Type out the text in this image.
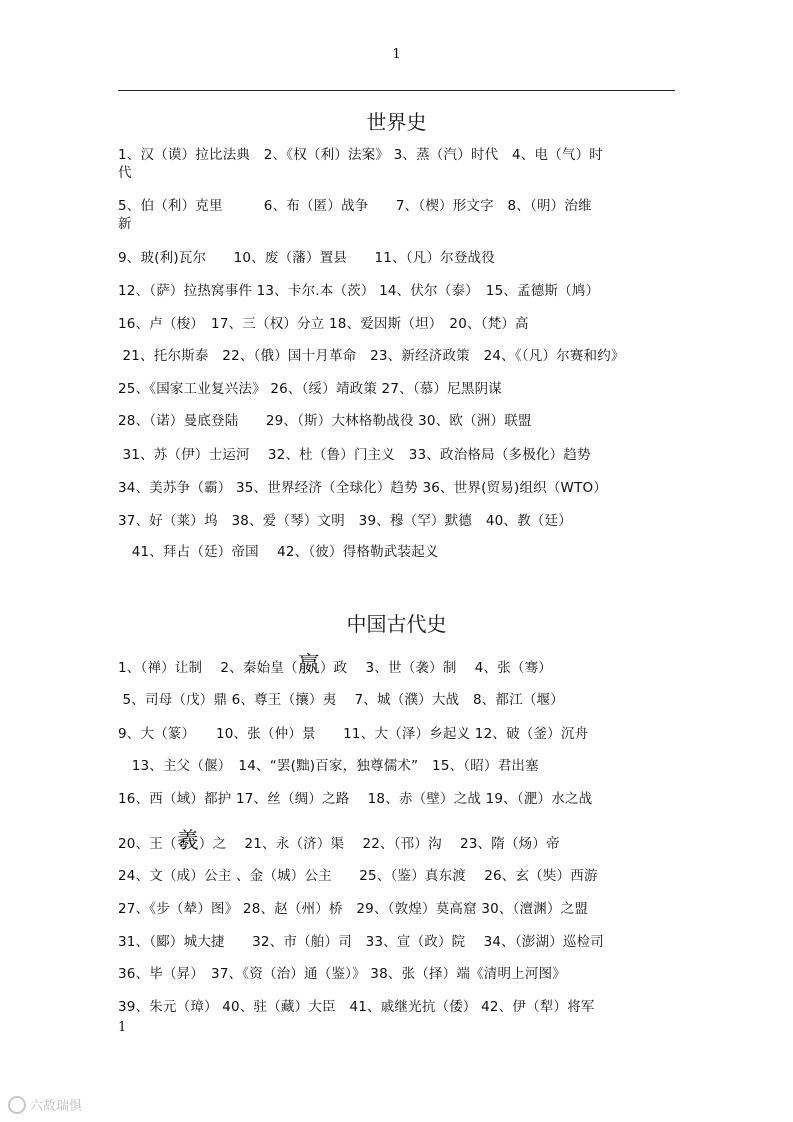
1
世界史
1、汉（谟）拉比法典　2、《权（利）法案》 3、蒸（汽）时代　4、电（气）时
代
5、伯（利）克里　　　6、布（匿）战争　　7、（楔）形文字　8、（明）治维
新
9、玻(利)瓦尔　　10、废（藩）置县　　11、（凡）尔登战役
12、（萨）拉热窝事件 13、卡尔.本（茨） 14、伏尔（泰）　15、孟德斯（鸠）
16、卢（梭）　17、三（权）分立 18、爱因斯（坦）　20、（梵）高
21、托尔斯泰　22、（俄）国十月革命　23、新经济政策　24、《（凡）尔赛和约》
25、《国家工业复兴法》 26、（绥）靖政策 27、（慕）尼黑阴谋
28、（诺）曼底登陆　　29、（斯）大林格勒战役 30、欧（洲）联盟
31、苏（伊）士运河　 32、杜（鲁）门主义　33、政治格局（多极化）趋势
34、美苏争（霸） 35、世界经济（全球化）趋势 36、世界(贸易)组织（WTO）
37、好（莱）坞　38、爱（琴）文明　39、穆（罕）默德　40、教（廷）
　41、拜占（廷）帝国　 42、（彼）得格勒武装起义
中国古代史
1、（禅）让制　 2、秦始皇（嬴）政　 3、世（袭）制　 4、张（骞）
5、司母（戊）鼎 6、尊王（攘）夷　 7、城（濮）大战　8、都江（堰）
9、大（篆）　　10、张（仲）景　　11、大（泽）乡起义 12、破（釜）沉舟
　13、主父（偃）　14、“罢(黜)百家，独尊儒术”　15、（昭）君出塞
16、西（域）都护 17、丝（绸）之路　 18、赤（壁）之战 19、（淝）水之战
20、王（羲）之　 21、永（济）渠　 22、（邗）沟　 23、隋（炀）帝
24、文（成）公主 、金（城）公主　　25、（鉴）真东渡　 26、玄（奘）西游
27、《步（辇）图》 28、赵（州）桥　29、（敦煌）莫高窟 30、（澶渊）之盟
31、（郾）城大捷　　32、市（舶）司　33、宣（政）院　 34、（澎湖）巡检司
36、毕（昇）　37、《资（治）通（鉴）》 38、张（择）端《清明上河图》
39、朱元（璋） 40、驻（藏）大臣　41、戚继光抗（倭） 42、伊（犁）将军
1
六故瑞惧
